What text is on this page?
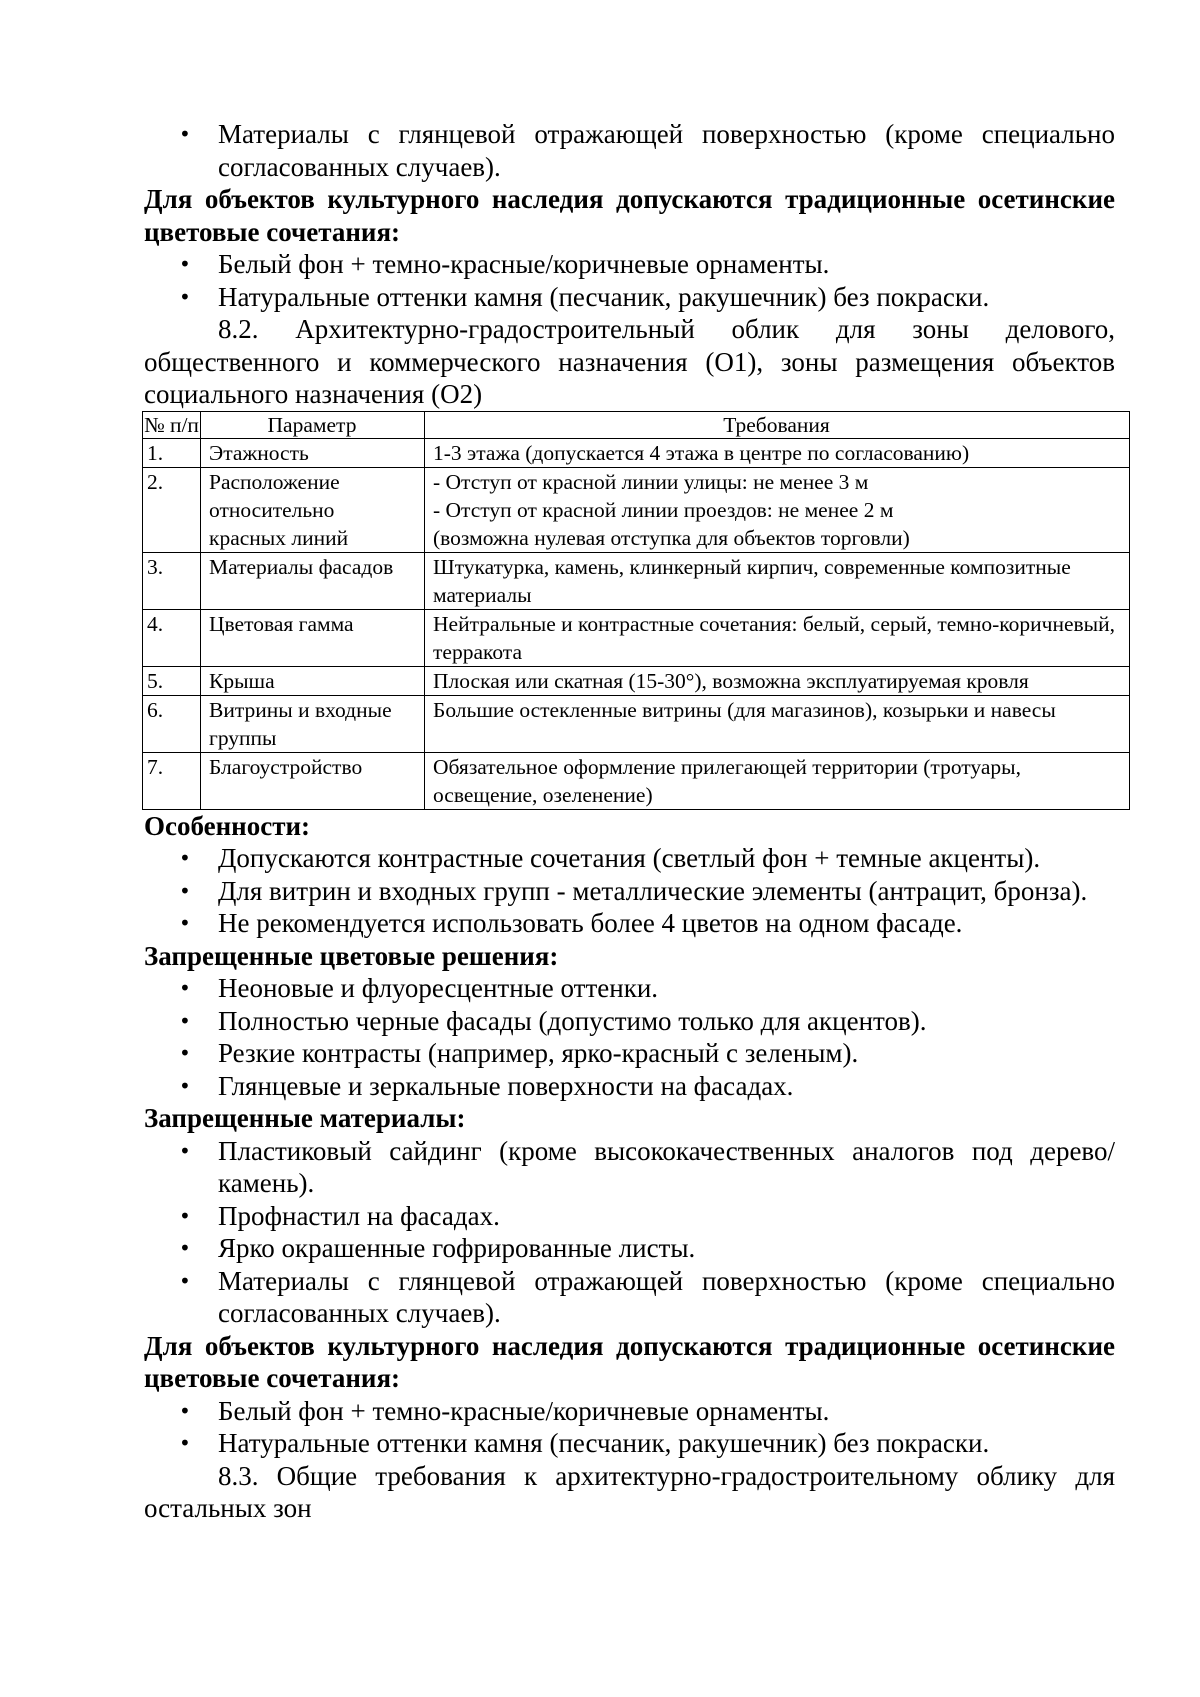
• Материалы с глянцевой отражающей поверхностью (кроме специально согласованных случаев).

Для объектов культурного наследия допускаются традиционные осетинские цветовые сочетания:

• Белый фон + темно-красные/коричневые орнаменты.
• Натуральные оттенки камня (песчаник, ракушечник) без покраски.

8.2. Архитектурно-градостроительный облик для зоны делового, общественного и коммерческого назначения (О1), зоны размещения объектов социального назначения (О2)

№ п/п	Параметр	Требования
1.	Этажность	1-3 этажа (допускается 4 этажа в центре по согласованию)

2.	Расположение относительно красных линий	- Отступ от красной линии улицы: не менее 3 м
- Отступ от красной линии проездов: не менее 2 м
(возможна нулевая отступка для объектов торговли)

3.	Материалы фасадов	Штукатурка, камень, клинкерный кирпич, современные композитные материалы

4.	Цветовая гамма	Нейтральные и контрастные сочетания: белый, серый, темно-коричневый, терракота

5.	Крыша	Плоская или скатная (15-30°), возможна эксплуатируемая кровля

6.	Витрины и входные группы	Большие остекленные витрины (для магазинов), козырьки и навесы

7.	Благоустройство	Обязательное оформление прилегающей территории (тротуары, освещение, озеленение)

Особенности:

• Допускаются контрастные сочетания (светлый фон + темные акценты).
• Для витрин и входных групп - металлические элементы (антрацит, бронза).
• Не рекомендуется использовать более 4 цветов на одном фасаде.

Запрещенные цветовые решения:

• Неоновые и флуоресцентные оттенки.
• Полностью черные фасады (допустимо только для акцентов).
• Резкие контрасты (например, ярко-красный с зеленым).
• Глянцевые и зеркальные поверхности на фасадах.

Запрещенные материалы:

• Пластиковый сайдинг (кроме высококачественных аналогов под дерево/камень).
• Профнастил на фасадах.
• Ярко окрашенные гофрированные листы.
• Материалы с глянцевой отражающей поверхностью (кроме специально согласованных случаев).

Для объектов культурного наследия допускаются традиционные осетинские цветовые сочетания:

• Белый фон + темно-красные/коричневые орнаменты.
• Натуральные оттенки камня (песчаник, ракушечник) без покраски.

8.3. Общие требования к архитектурно-градостроительному облику для остальных зон
